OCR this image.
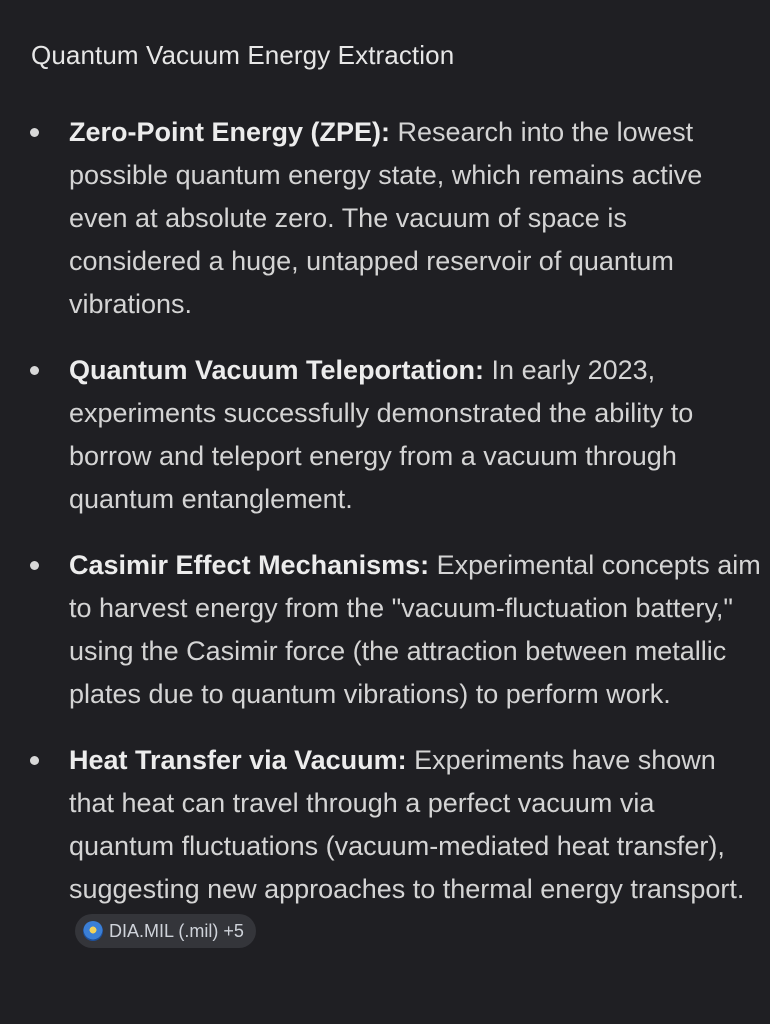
Quantum Vacuum Energy Extraction
Zero-Point Energy (ZPE): Research into the lowest possible quantum energy state, which remains active even at absolute zero. The vacuum of space is considered a huge, untapped reservoir of quantum vibrations.
Quantum Vacuum Teleportation: In early 2023, experiments successfully demonstrated the ability to borrow and teleport energy from a vacuum through quantum entanglement.
Casimir Effect Mechanisms: Experimental concepts aim to harvest energy from the "vacuum-fluctuation battery," using the Casimir force (the attraction between metallic plates due to quantum vibrations) to perform work.
Heat Transfer via Vacuum: Experiments have shown that heat can travel through a perfect vacuum via quantum fluctuations (vacuum-mediated heat transfer), suggesting new approaches to thermal energy transport.
DIA.MIL (.mil) +5
